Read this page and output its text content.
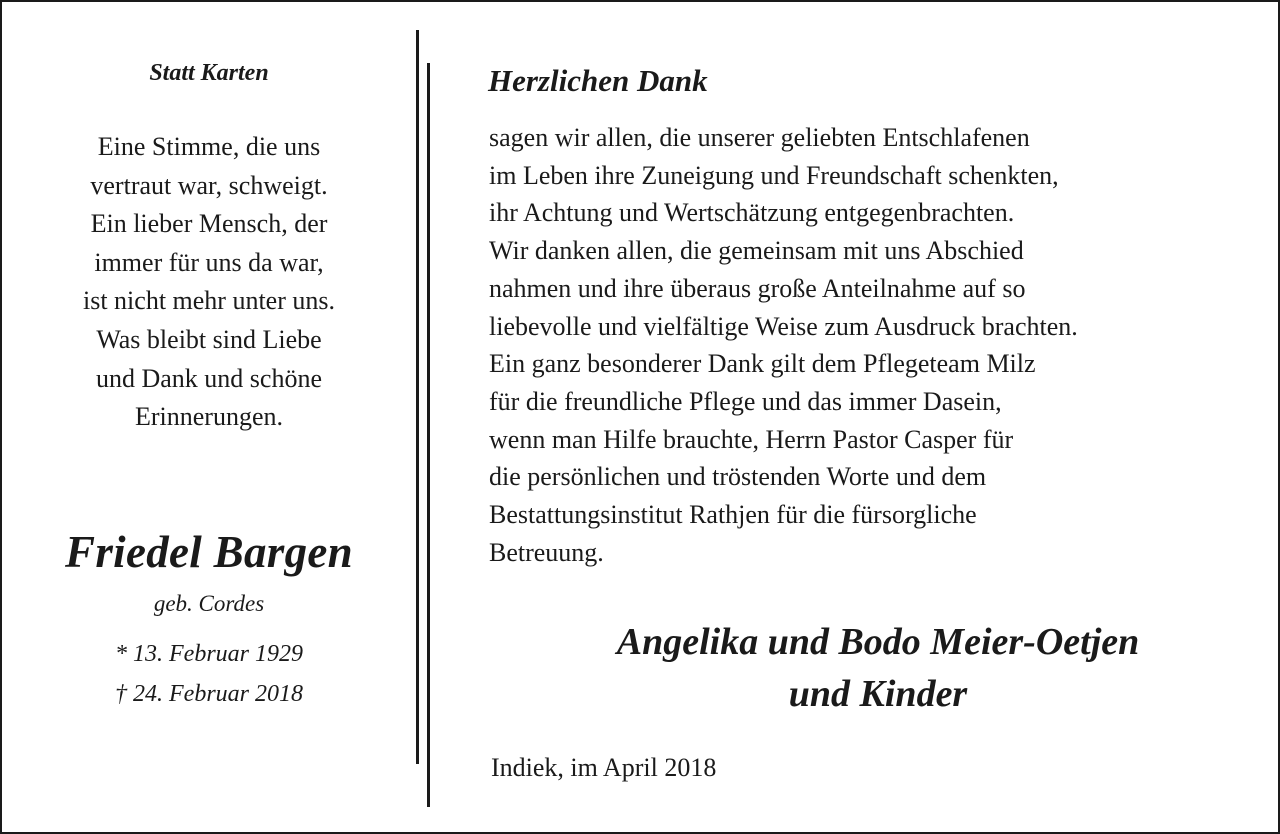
Statt Karten
Eine Stimme, die uns
vertraut war, schweigt.
Ein lieber Mensch, der
immer für uns da war,
ist nicht mehr unter uns.
Was bleibt sind Liebe
und Dank und schöne
Erinnerungen.
Friedel Bargen
geb. Cordes
* 13. Februar 1929
† 24. Februar 2018
Herzlichen Dank
sagen wir allen, die unserer geliebten Entschlafenen
im Leben ihre Zuneigung und Freundschaft schenkten,
ihr Achtung und Wertschätzung entgegenbrachten.
Wir danken allen, die gemeinsam mit uns Abschied
nahmen und ihre überaus große Anteilnahme auf so
liebevolle und vielfältige Weise zum Ausdruck brachten.
Ein ganz besonderer Dank gilt dem Pflegeteam Milz
für die freundliche Pflege und das immer Dasein,
wenn man Hilfe brauchte, Herrn Pastor Casper für
die persönlichen und tröstenden Worte und dem
Bestattungsinstitut Rathjen für die fürsorgliche
Betreuung.
Angelika und Bodo Meier-Oetjen
und Kinder
Indiek, im April 2018
